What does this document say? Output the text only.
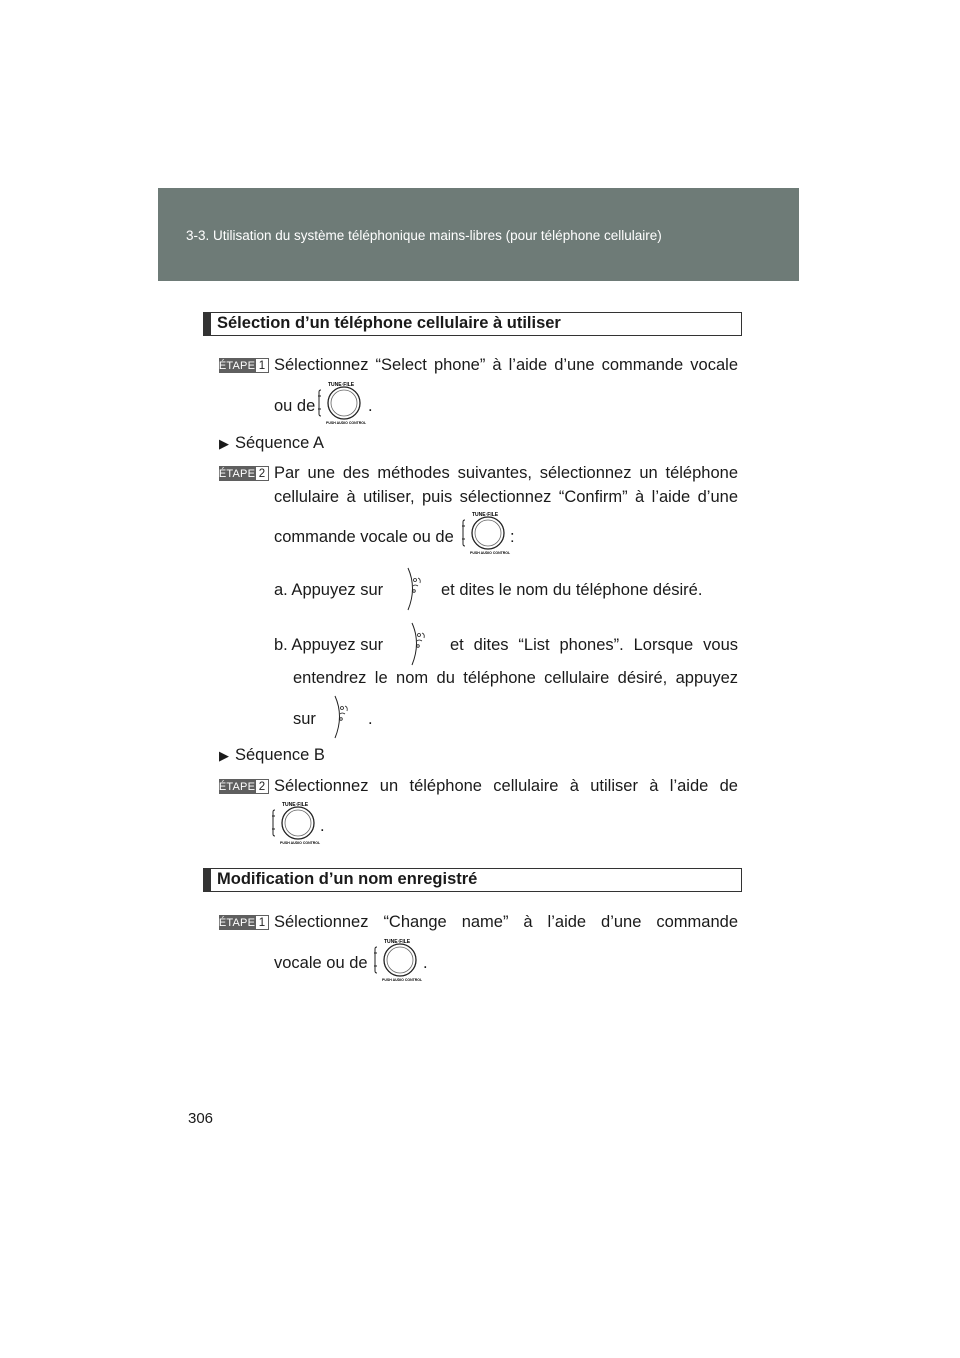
3-3. Utilisation du système téléphonique mains-libres (pour téléphone cellulaire)
Sélection d’un téléphone cellulaire à utiliser
ÉTAPE 1 Sélectionnez “Select phone” à l’aide d’une commande vocale
ou de
TUNE·FILE
PUSH AUDIO CONTROL
.
▶ Séquence A
ÉTAPE 2 Par une des méthodes suivantes, sélectionnez un téléphone
cellulaire à utiliser, puis sélectionnez “Confirm” à l’aide d’une
commande vocale ou de
TUNE·FILE
PUSH AUDIO CONTROL
:
a. Appuyez sur	et dites le nom du téléphone désiré.
b. Appuyez sur	et dites “List phones”. Lorsque vous
entendrez le nom du téléphone cellulaire désiré, appuyez
sur	.
▶ Séquence B
ÉTAPE 2 Sélectionnez un téléphone cellulaire à utiliser à l’aide de
TUNE·FILE
PUSH AUDIO CONTROL
.
Modification d’un nom enregistré
ÉTAPE 1 Sélectionnez “Change name” à l’aide d’une commande
vocale ou de
TUNE·FILE
PUSH AUDIO CONTROL
.
306
